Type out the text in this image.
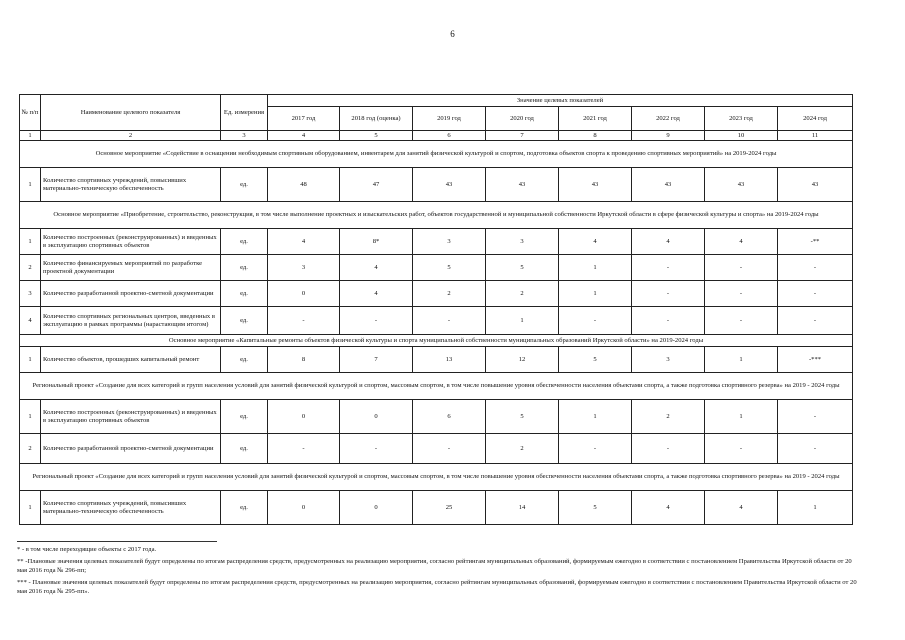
6
№ п/п	Наименование целевого показателя	Ед. измерения	Значение целевых показателей							
			2017 год	2018 год (оценка)	2019 год	2020 год	2021 год	2022 год	2023 год	2024 год
1	2	3	4	5	6	7	8	9	10	11
Основное мероприятие «Содействие в оснащении необходимым спортивным оборудованием, инвентарем для занятий физической культурой и спортом, подготовка объектов спорта к проведению спортивных мероприятий» на 2019-2024 годы										
1	Количество спортивных учреждений, повысивших материально-техническую обеспеченность	ед.	48	47	43	43	43	43	43	43
Основное мероприятие «Приобретение, строительство, реконструкция, в том числе выполнение проектных и изыскательских работ, объектов государственной и муниципальной собственности Иркутской области в сфере физической культуры и спорта» на 2019-2024 годы										
1	Количество построенных (реконструированных) и введенных в эксплуатацию спортивных объектов	ед.	4	8*	3	3	4	4	4	-**
2	Количество финансируемых мероприятий по разработке проектной документации	ед.	3	4	5	5	1	-	-	-
3	Количество разработанной проектно-сметной документации	ед.	0	4	2	2	1	-	-	-
4	Количество спортивных региональных центров, введенных в эксплуатацию в рамках программы (нарастающим итогом)	ед.	-	-	-	1	-	-	-	-
Основное мероприятие «Капитальные ремонты объектов физической культуры и спорта муниципальной собственности муниципальных образований Иркутской области» на 2019-2024 годы										
1	Количество объектов, прошедших капитальный ремонт	ед.	8	7	13	12	5	3	1	-***
Региональный проект «Создание для всех категорий и групп населения условий для занятий физической культурой и спортом, массовым спортом, в том числе повышение уровня обеспеченности населения объектами спорта, а также подготовка спортивного резерва» на 2019 - 2024 годы										
1	Количество построенных (реконструированных) и введенных в эксплуатацию спортивных объектов	ед.	0	0	6	5	1	2	1	-
2	Количество разработанной проектно-сметной документации	ед.	-	-	-	2	-	-	-	-
Региональный проект «Создание для всех категорий и групп населения условий для занятий физической культурой и спортом, массовым спортом, в том числе повышение уровня обеспеченности населения объектами спорта, а также подготовка спортивного резерва» на 2019 - 2024 годы										
1	Количество спортивных учреждений, повысивших материально-техническую обеспеченность	ед.	0	0	25	14	5	4	4	1
* - в том числе переходящие объекты с 2017 года.
** -Плановые значения целевых показателей будут определены по итогам распределения средств, предусмотренных на реализацию мероприятия, согласно рейтингам муниципальных образований, формируемым ежегодно в соответствии с постановлением Правительства Иркутской области от 20 мая 2016 года № 296-пп;
*** - Плановые значения целевых показателей будут определены по итогам распределения средств, предусмотренных на реализацию мероприятия, согласно рейтингам муниципальных образований, формируемым ежегодно в соответствии с постановлением Правительства Иркутской области от 20 мая 2016 года № 295-пп».
